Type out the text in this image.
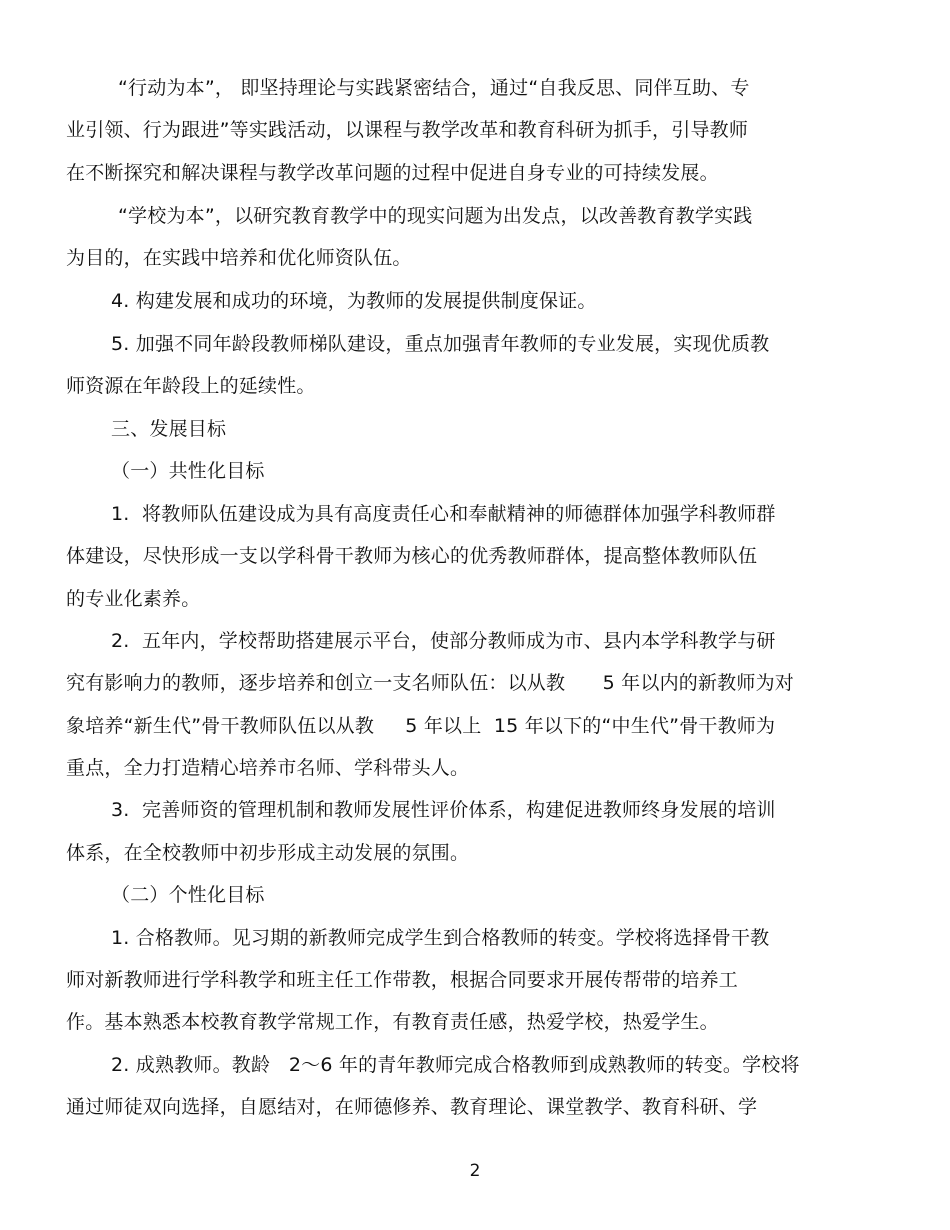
“行动为本”， 即坚持理论与实践紧密结合，通过“自我反思、同伴互助、专
业引领、行为跟进”等实践活动，以课程与教学改革和教育科研为抓手，引导教师
在不断探究和解决课程与教学改革问题的过程中促进自身专业的可持续发展。
“学校为本”，以研究教育教学中的现实问题为出发点，以改善教育教学实践
为目的，在实践中培养和优化师资队伍。
4. 构建发展和成功的环境，为教师的发展提供制度保证。
5. 加强不同年龄段教师梯队建设，重点加强青年教师的专业发展，实现优质教
师资源在年龄段上的延续性。
三、发展目标
（一）共性化目标
1.  将教师队伍建设成为具有高度责任心和奉献精神的师德群体加强学科教师群
体建设，尽快形成一支以学科骨干教师为核心的优秀教师群体，提高整体教师队伍
的专业化素养。
2.  五年内，学校帮助搭建展示平台，使部分教师成为市、县内本学科教学与研
究有影响力的教师，逐步培养和创立一支名师队伍：以从教      5 年以内的新教师为对
象培养“新生代”骨干教师队伍以从教     5 年以上  15 年以下的“中生代”骨干教师为
重点，全力打造精心培养市名师、学科带头人。
3.  完善师资的管理机制和教师发展性评价体系，构建促进教师终身发展的培训
体系，在全校教师中初步形成主动发展的氛围。
（二）个性化目标
1. 合格教师。见习期的新教师完成学生到合格教师的转变。学校将选择骨干教
师对新教师进行学科教学和班主任工作带教，根据合同要求开展传帮带的培养工
作。基本熟悉本校教育教学常规工作，有教育责任感，热爱学校，热爱学生。
2. 成熟教师。教龄   2～6 年的青年教师完成合格教师到成熟教师的转变。学校将
通过师徒双向选择，自愿结对，在师德修养、教育理论、课堂教学、教育科研、学
2
